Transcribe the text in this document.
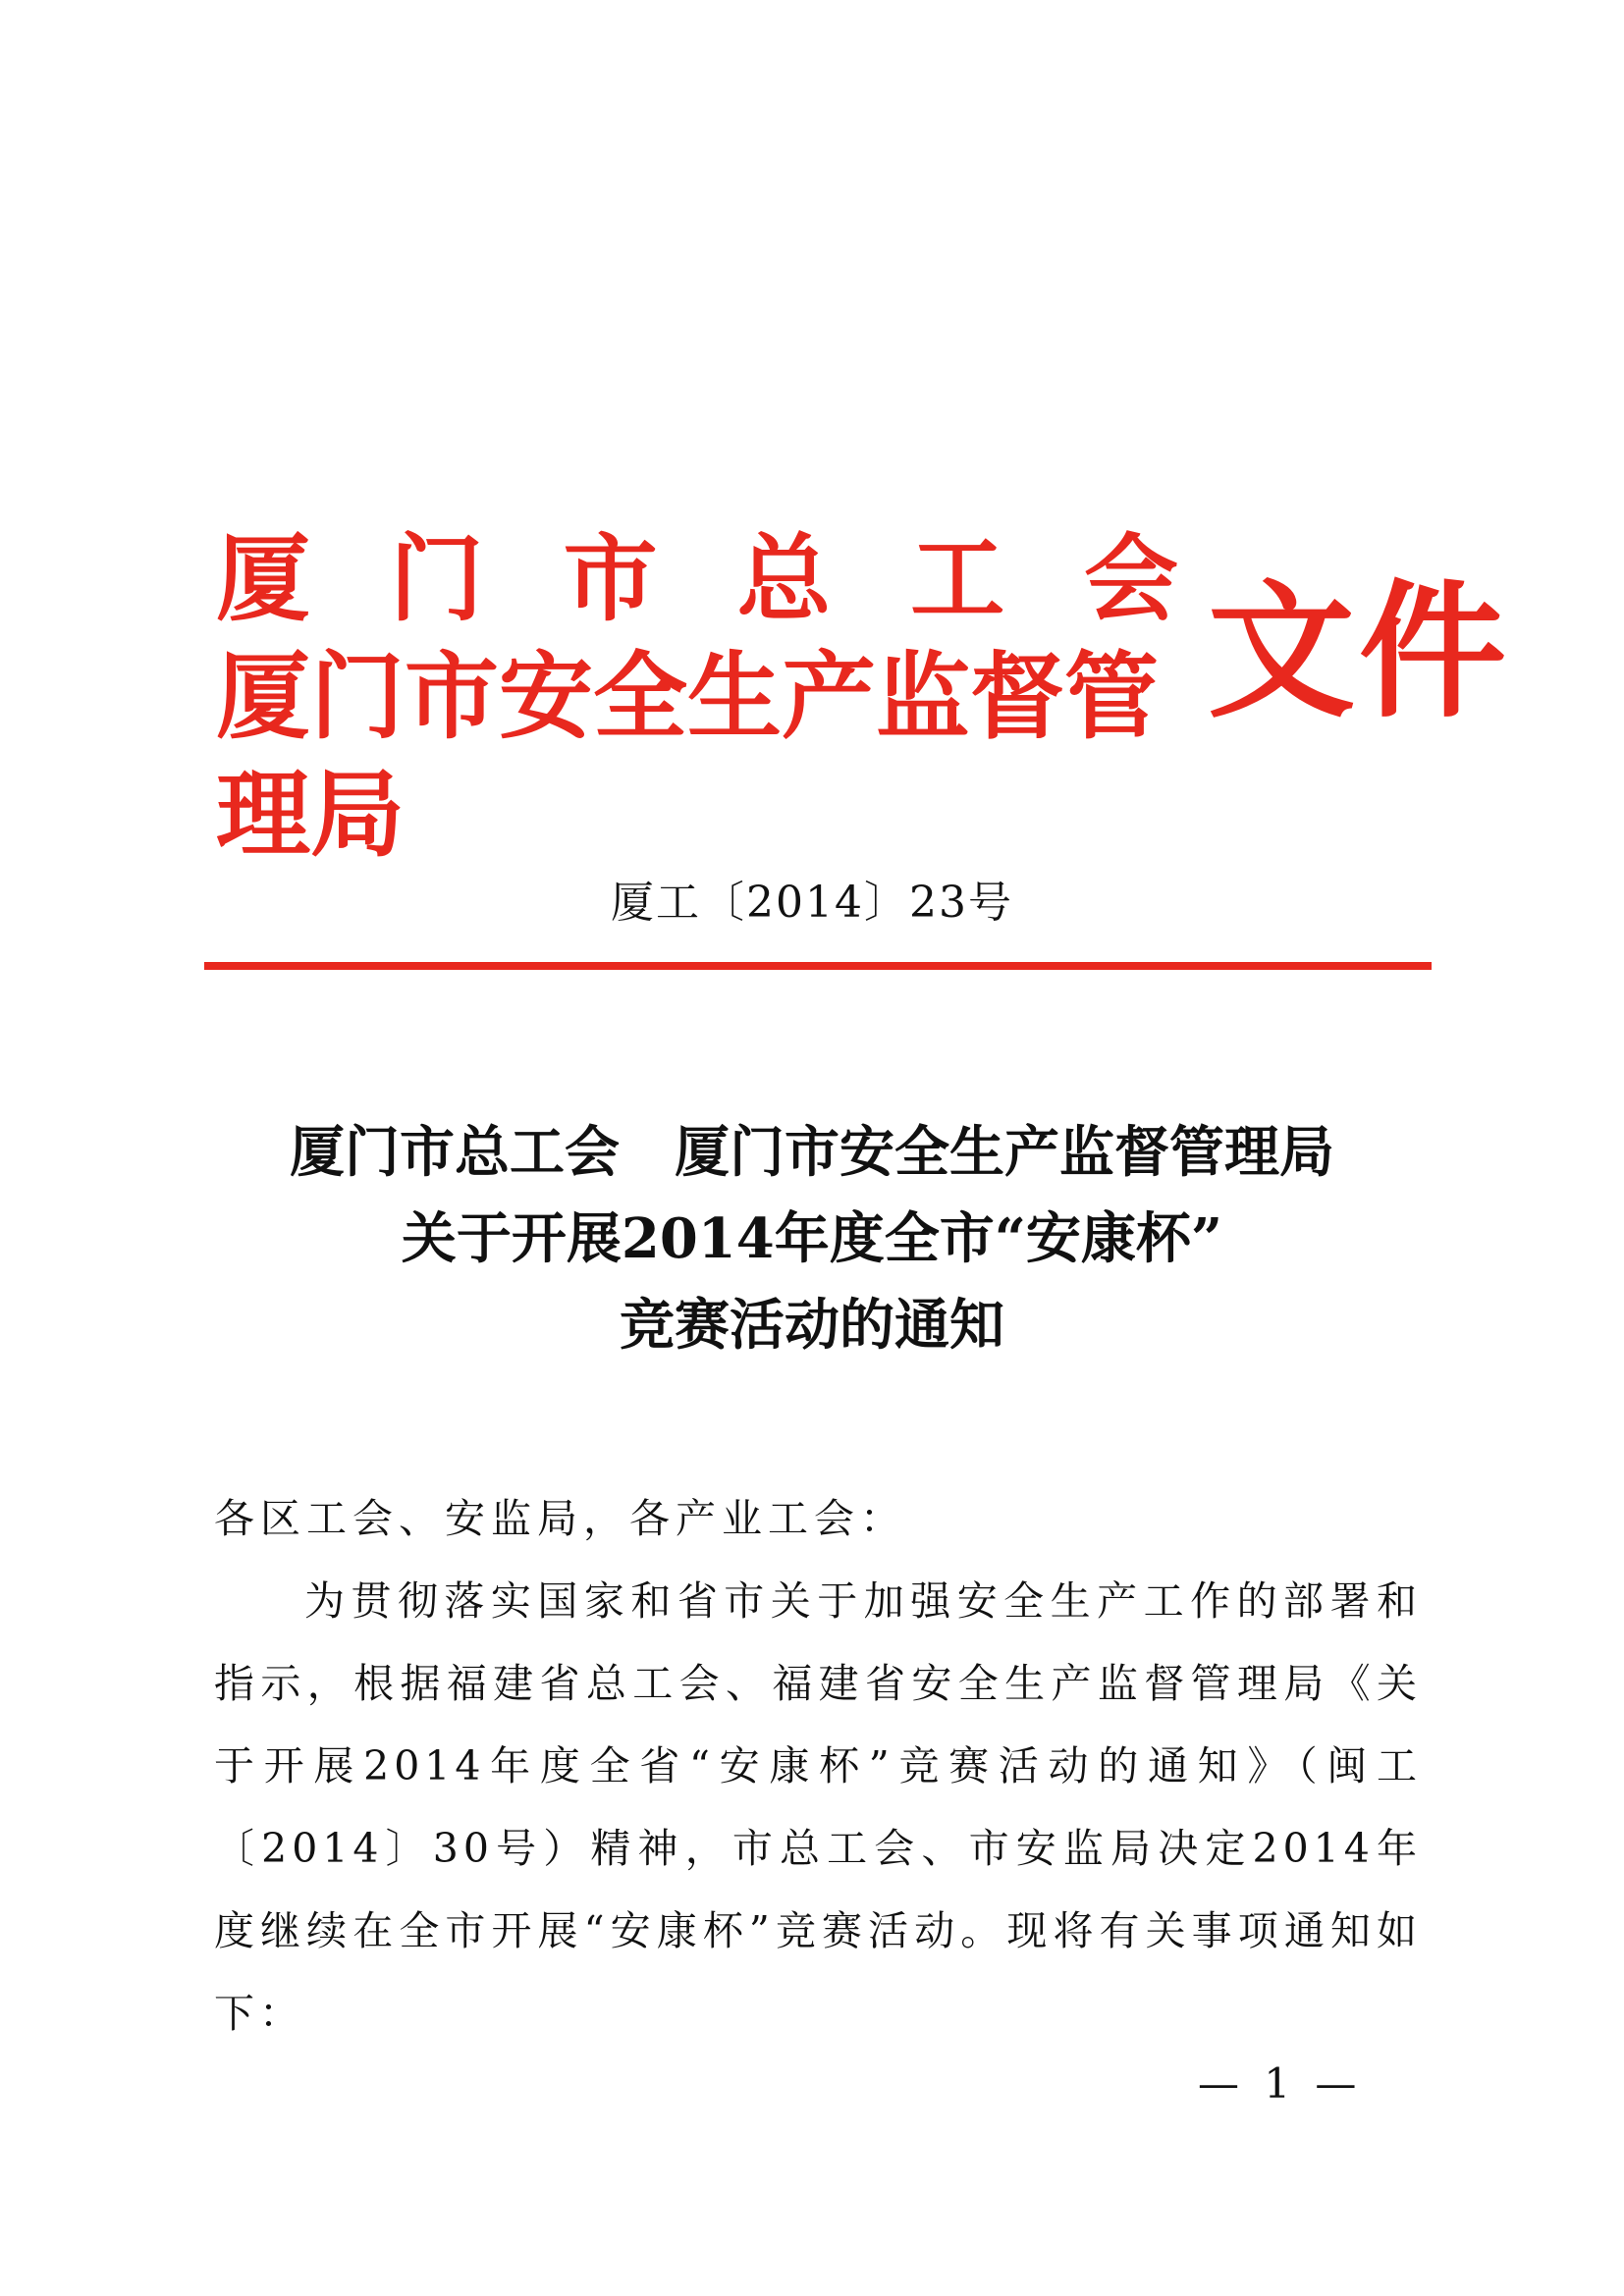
厦 门 市 总 工 会
厦门市安全生产监督管理局
文件
厦工〔2014〕23号
厦门市总工会　厦门市安全生产监督管理局
关于开展2014年度全市“安康杯”
竞赛活动的通知

各区工会、安监局，各产业工会：

为贯彻落实国家和省市关于加强安全生产工作的部署和指示，根据福建省总工会、福建省安全生产监督管理局《关于开展2014年度全省“安康杯”竞赛活动的通知》（闽工〔2014〕30号）精神，市总工会、市安监局决定2014年度继续在全市开展“安康杯”竞赛活动。现将有关事项通知如下：

— 1 —
